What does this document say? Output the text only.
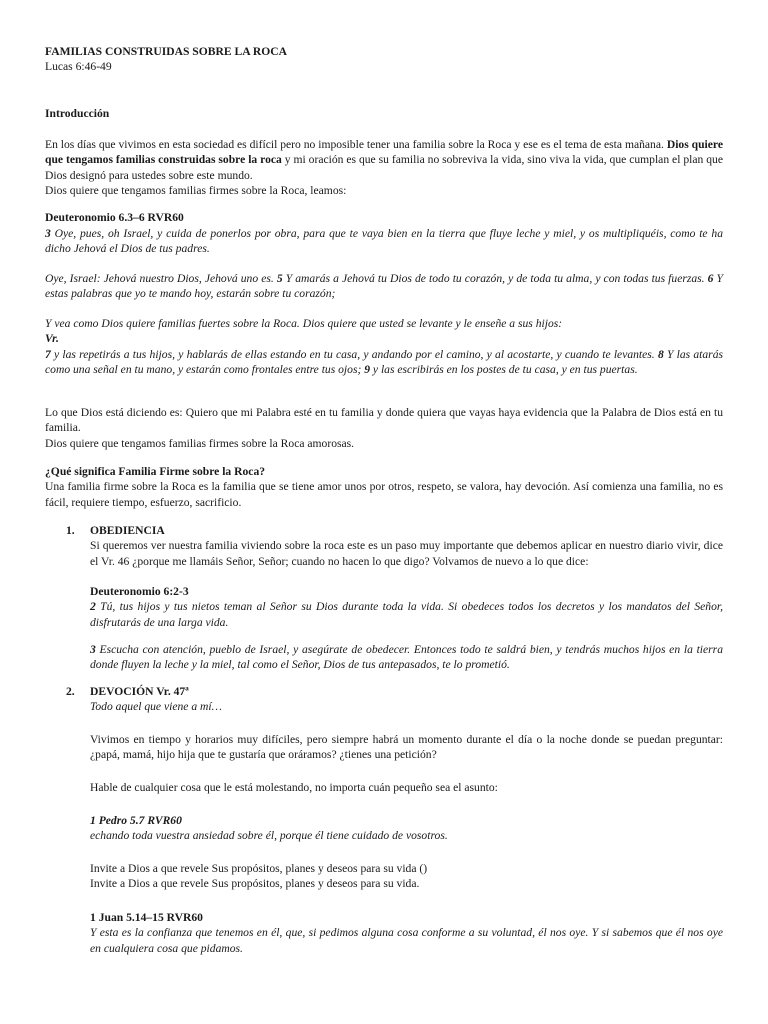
FAMILIAS CONSTRUIDAS SOBRE LA ROCA

Lucas 6:46-49

Introducción

En los días que vivimos en esta sociedad es difícil pero no imposible tener una familia sobre la Roca y ese es el tema de esta mañana. Dios quiere que tengamos familias construidas sobre la roca y mi oración es que su familia no sobreviva la vida, sino viva la vida, que cumplan el plan que Dios designó para ustedes sobre este mundo.

Dios quiere que tengamos familias firmes sobre la Roca, leamos:

Deuteronomio 6.3–6 RVR60

3 Oye, pues, oh Israel, y cuida de ponerlos por obra, para que te vaya bien en la tierra que fluye leche y miel, y os multipliquéis, como te ha dicho Jehová el Dios de tus padres.

Oye, Israel: Jehová nuestro Dios, Jehová uno es. 5 Y amarás a Jehová tu Dios de todo tu corazón, y de toda tu alma, y con todas tus fuerzas. 6 Y estas palabras que yo te mando hoy, estarán sobre tu corazón;

Y vea como Dios quiere familias fuertes sobre la Roca. Dios quiere que usted se levante y le enseñe a sus hijos:

Vr.

7 y las repetirás a tus hijos, y hablarás de ellas estando en tu casa, y andando por el camino, y al acostarte, y cuando te levantes. 8 Y las atarás como una señal en tu mano, y estarán como frontales entre tus ojos; 9 y las escribirás en los postes de tu casa, y en tus puertas.

Lo que Dios está diciendo es: Quiero que mi Palabra esté en tu familia y donde quiera que vayas haya evidencia que la Palabra de Dios está en tu familia.

Dios quiere que tengamos familias firmes sobre la Roca amorosas.

¿Qué significa Familia Firme sobre la Roca?

Una familia firme sobre la Roca es la familia que se tiene amor unos por otros, respeto, se valora, hay devoción. Así comienza una familia, no es fácil, requiere tiempo, esfuerzo, sacrificio.

1. OBEDIENCIA

Si queremos ver nuestra familia viviendo sobre la roca este es un paso muy importante que debemos aplicar en nuestro diario vivir, dice el Vr. 46 ¿porque me llamáis Señor, Señor; cuando no hacen lo que digo? Volvamos de nuevo a lo que dice:

Deuteronomio 6:2-3

2 Tú, tus hijos y tus nietos teman al Señor su Dios durante toda la vida. Si obedeces todos los decretos y los mandatos del Señor, disfrutarás de una larga vida.

3 Escucha con atención, pueblo de Israel, y asegúrate de obedecer. Entonces todo te saldrá bien, y tendrás muchos hijos en la tierra donde fluyen la leche y la miel, tal como el Señor, Dios de tus antepasados, te lo prometió.

2. DEVOCIÓN Vr. 47ª

Todo aquel que viene a mí…

Vivimos en tiempo y horarios muy difíciles, pero siempre habrá un momento durante el día o la noche donde se puedan preguntar: ¿papá, mamá, hijo hija que te gustaría que oráramos? ¿tienes una petición?

Hable de cualquier cosa que le está molestando, no importa cuán pequeño sea el asunto:

1 Pedro 5.7 RVR60

echando toda vuestra ansiedad sobre él, porque él tiene cuidado de vosotros.

Invite a Dios a que revele Sus propósitos, planes y deseos para su vida ()

Invite a Dios a que revele Sus propósitos, planes y deseos para su vida.

1 Juan 5.14–15 RVR60

Y esta es la confianza que tenemos en él, que, si pedimos alguna cosa conforme a su voluntad, él nos oye. Y si sabemos que él nos oye en cualquiera cosa que pidamos.
